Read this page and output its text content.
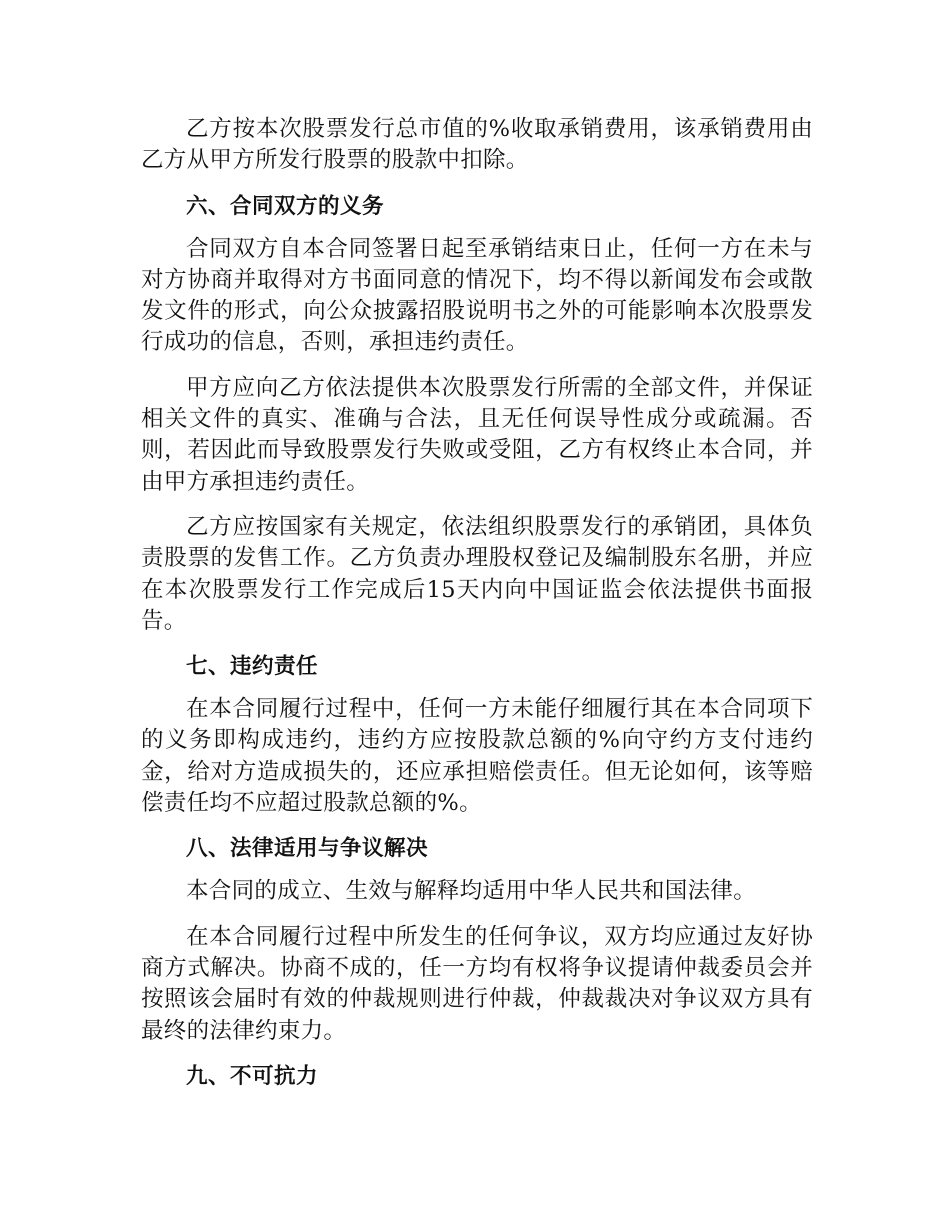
乙方按本次股票发行总市值的%收取承销费用，该承销费用由乙方从甲方所发行股票的股款中扣除。

六、合同双方的义务

合同双方自本合同签署日起至承销结束日止，任何一方在未与对方协商并取得对方书面同意的情况下，均不得以新闻发布会或散发文件的形式，向公众披露招股说明书之外的可能影响本次股票发行成功的信息，否则，承担违约责任。

甲方应向乙方依法提供本次股票发行所需的全部文件，并保证相关文件的真实、准确与合法，且无任何误导性成分或疏漏。否则，若因此而导致股票发行失败或受阻，乙方有权终止本合同，并由甲方承担违约责任。

乙方应按国家有关规定，依法组织股票发行的承销团，具体负责股票的发售工作。乙方负责办理股权登记及编制股东名册，并应在本次股票发行工作完成后15天内向中国证监会依法提供书面报告。

七、违约责任

在本合同履行过程中，任何一方未能仔细履行其在本合同项下的义务即构成违约，违约方应按股款总额的%向守约方支付违约金，给对方造成损失的，还应承担赔偿责任。但无论如何，该等赔偿责任均不应超过股款总额的%。

八、法律适用与争议解决

本合同的成立、生效与解释均适用中华人民共和国法律。

在本合同履行过程中所发生的任何争议，双方均应通过友好协商方式解决。协商不成的，任一方均有权将争议提请仲裁委员会并按照该会届时有效的仲裁规则进行仲裁，仲裁裁决对争议双方具有最终的法律约束力。

九、不可抗力
